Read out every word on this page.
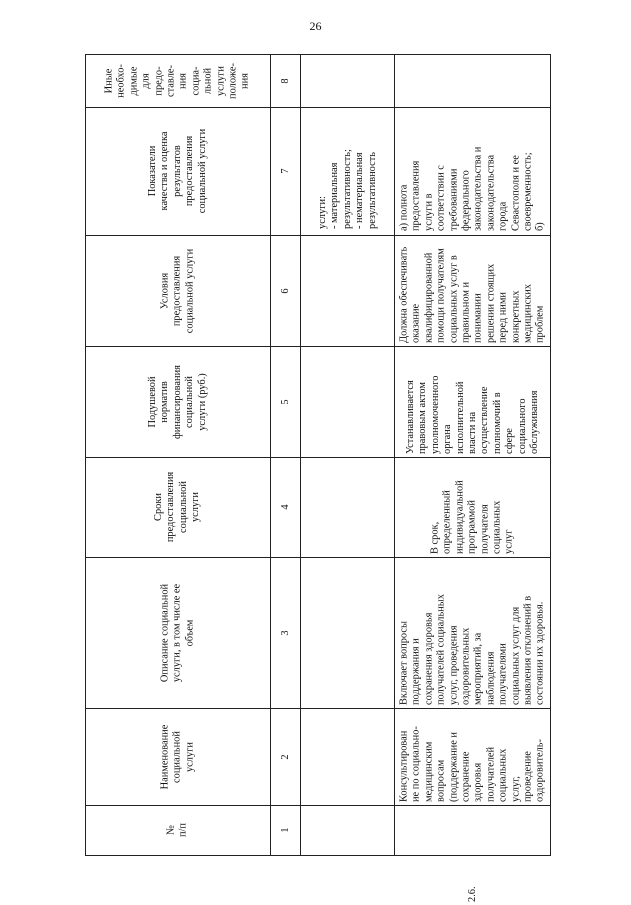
26
№ п/п
Наименование социальной услуги
Описание социальной услуги, в том числе ее объем
Сроки предоставления социальной услуги
Подушевой норматив финансирования социальной услуги (руб.)
Условия предоставления социальной услуги
Показатели качества и оценка результатов предоставления социальной услуги
Иные необхо- димые для предо- ставле- ния социа- льной услуги положе- ния
1
2
3
4
5
6
7
8
услуги: - материальная результативность; - нематериальная результативность
2.6.
Консультирован ие по социально- медицинским вопросам (поддержание и сохранение здоровья получателей социальных услуг, проведение оздоровитель-
Включает вопросы поддержания и сохранения здоровья получателей социальных услуг, проведения оздоровительных мероприятий, за наблюдения получателями социальных услуг для выявления отклонений в состоянии их здоровья.
В срок, определенный индивидуальной программой получателя социальных услуг
Устанавливается правовым актом уполномоченного органа исполнительной власти на осуществление полномочий в сфере социального обслуживания
Должна обеспечивать оказание квалифицированной помощи получателям социальных услуг в правильном и понимании решении стоящих перед ними конкретных медицинских проблем
а) полнота предоставления услуги в соответствии с требованиями федерального законодательства и законодательства города Севастополя и ее своевременность; б)
